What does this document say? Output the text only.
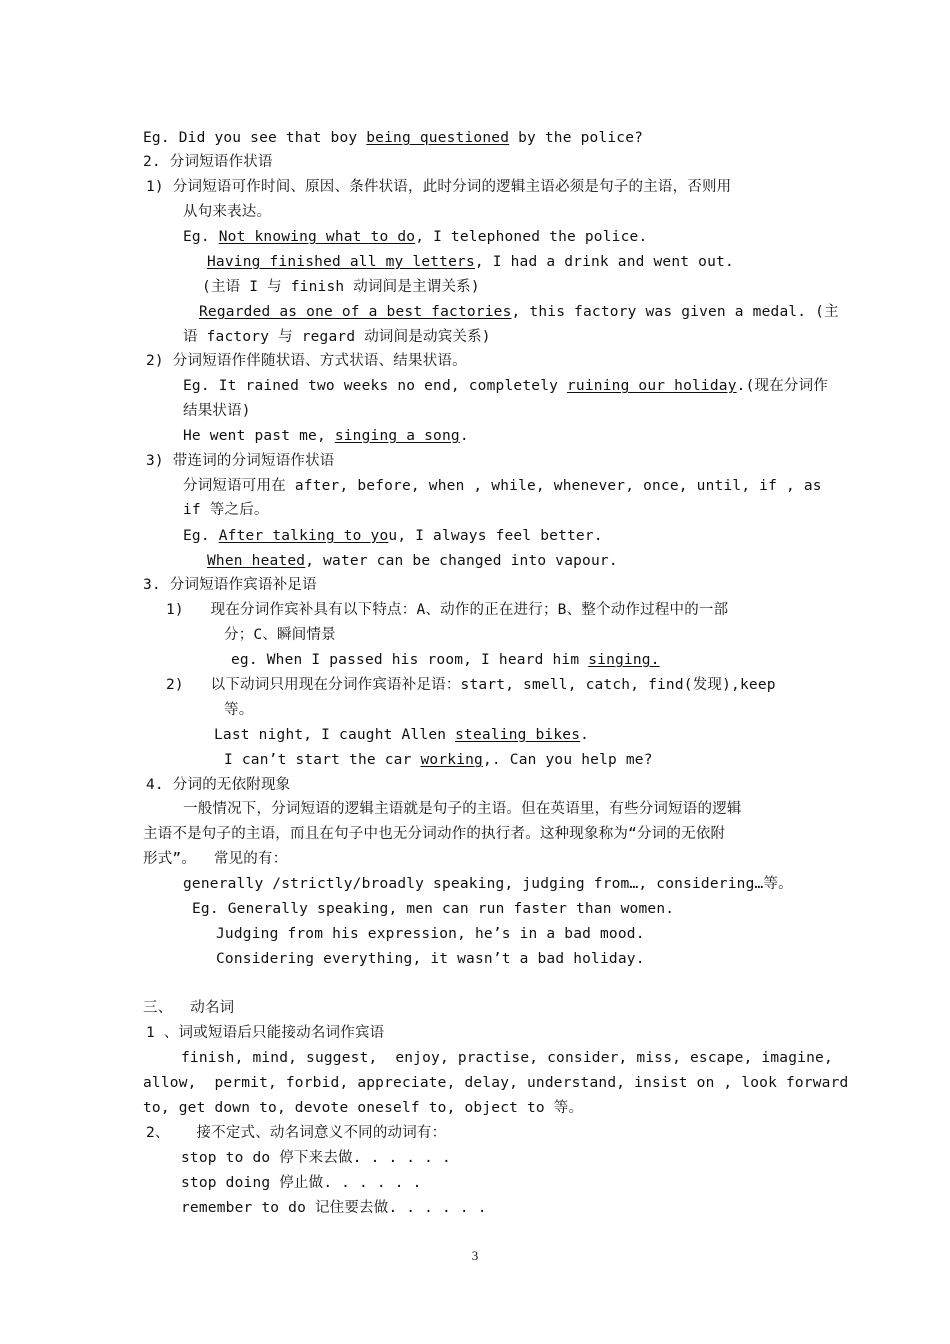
Eg. Did you see that boy being questioned by the police?
2. 分词短语作状语
1) 分词短语可作时间、原因、条件状语，此时分词的逻辑主语必须是句子的主语，否则用
从句来表达。
Eg. Not knowing what to do, I telephoned the police.
Having finished all my letters, I had a drink and went out.
(主语 I 与 finish 动词间是主谓关系)
Regarded as one of a best factories, this factory was given a medal. (主
语 factory 与 regard 动词间是动宾关系)
2) 分词短语作伴随状语、方式状语、结果状语。
Eg. It rained two weeks no end, completely ruining our holiday.(现在分词作
结果状语)
He went past me, singing a song.
3) 带连词的分词短语作状语
分词短语可用在 after, before, when , while, whenever, once, until, if , as
if 等之后。
Eg. After talking to you, I always feel better.
When heated, water can be changed into vapour.
3. 分词短语作宾语补足语
1)   现在分词作宾补具有以下特点：A、动作的正在进行；B、整个动作过程中的一部
分；C、瞬间情景
eg. When I passed his room, I heard him singing.
2)   以下动词只用现在分词作宾语补足语：start, smell, catch, find(发现),keep
等。
Last night, I caught Allen stealing bikes.
I can’t start the car working,. Can you help me?
4. 分词的无依附现象
一般情况下，分词短语的逻辑主语就是句子的主语。但在英语里，有些分词短语的逻辑
主语不是句子的主语，而且在句子中也无分词动作的执行者。这种现象称为“分词的无依附
形式”。  常见的有：
generally /strictly/broadly speaking, judging from…, considering…等。
Eg. Generally speaking, men can run faster than women.
Judging from his expression, he’s in a bad mood.
Considering everything, it wasn’t a bad holiday.
三、  动名词
1 、词或短语后只能接动名词作宾语
finish, mind, suggest,  enjoy, practise, consider, miss, escape, imagine,
allow,  permit, forbid, appreciate, delay, understand, insist on , look forward
to, get down to, devote oneself to, object to 等。
2、   接不定式、动名词意义不同的动词有：
stop to do 停下来去做. . . . . .
stop doing 停止做. . . . . .
remember to do 记住要去做. . . . . .
3
